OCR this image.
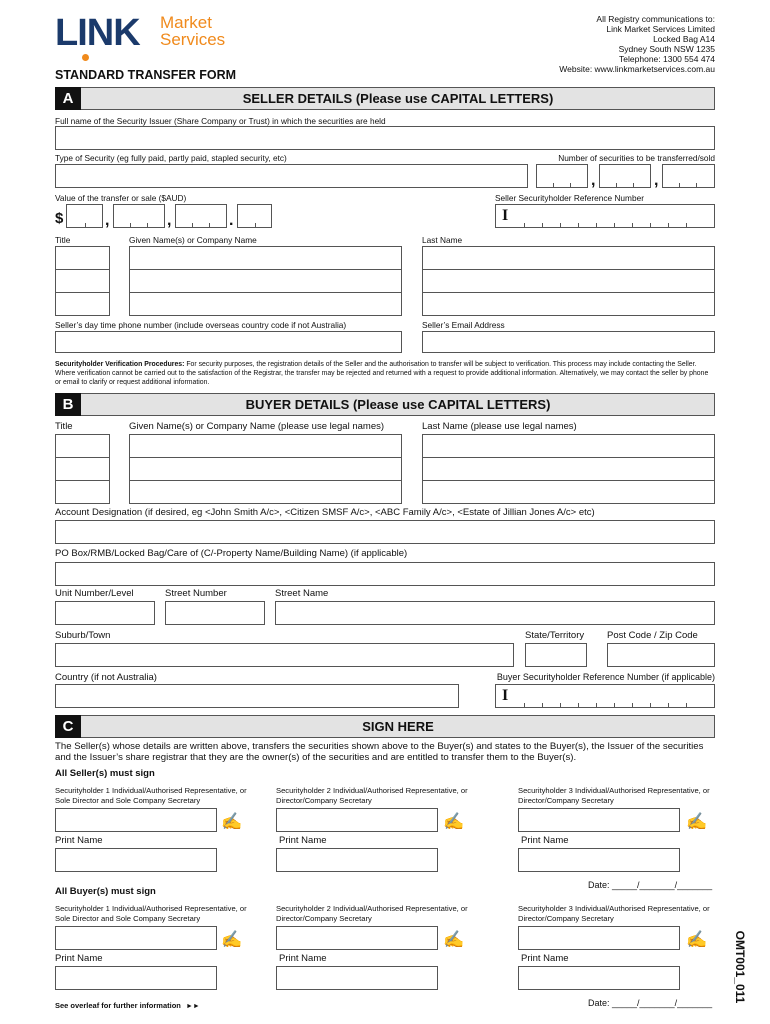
LINK Market
Services
All Registry communications to:
Link Market Services Limited
Locked Bag A14
Sydney South NSW 1235
Telephone: 1300 554 474
Website: www.linkmarketservices.com.au
STANDARD TRANSFER FORM
A	SELLER DETAILS (Please use CAPITAL LETTERS)
Full name of the Security Issuer (Share Company or Trust) in which the securities are held
Type of Security (eg fully paid, partly paid, stapled security, etc)	Number of securities to be transferred/sold
,	,
Value of the transfer or sale ($AUD)	Seller Securityholder Reference Number
$	,	,	.	I
Title	Given Name(s) or Company Name	Last Name
Seller’s day time phone number (include overseas country code if not Australia)	Seller’s Email Address
Securityholder Verification Procedures: For security purposes, the registration details of the Seller and the authorisation to transfer will be subject to verification. This process may include contacting the Seller. Where verification cannot be carried out to the satisfaction of the Registrar, the transfer may be rejected and returned with a request to provide additional information. Alternatively, we may contact the seller by phone or email to clarify or request additional information.
B	BUYER DETAILS (Please use CAPITAL LETTERS)
Title	Given Name(s) or Company Name (please use legal names)	Last Name (please use legal names)
Account Designation (if desired, eg <John Smith A/c>, <Citizen SMSF A/c>, <ABC Family A/c>, <Estate of Jillian Jones A/c> etc)
PO Box/RMB/Locked Bag/Care of (C/-Property Name/Building Name) (if applicable)
Unit Number/Level	Street Number	Street Name
Suburb/Town	State/Territory Post Code / Zip Code
Country (if not Australia)	Buyer Securityholder Reference Number (if applicable)
I
C	SIGN HERE
The Seller(s) whose details are written above, transfers the securities shown above to the Buyer(s) and states to the Buyer(s), the Issuer of the securities and the Issuer’s share registrar that they are the owner(s) of the securities and are entitled to transfer them to the Buyer(s).
All Seller(s) must sign
Securityholder 1 Individual/Authorised Representative, or Sole Director and Sole Company Secretary
Securityholder 2 Individual/Authorised Representative, or Director/Company Secretary
Securityholder 3 Individual/Authorised Representative, or Director/Company Secretary
✍	✍	✍
Print Name	Print Name	Print Name
Date: _____/_______/_______
All Buyer(s) must sign
Securityholder 1 Individual/Authorised Representative, or Sole Director and Sole Company Secretary
Securityholder 2 Individual/Authorised Representative, or Director/Company Secretary
Securityholder 3 Individual/Authorised Representative, or Director/Company Secretary
✍	✍	✍
Print Name	Print Name	Print Name
Date: _____/_______/_______
See overleaf for further information ►►
OMT001_011
